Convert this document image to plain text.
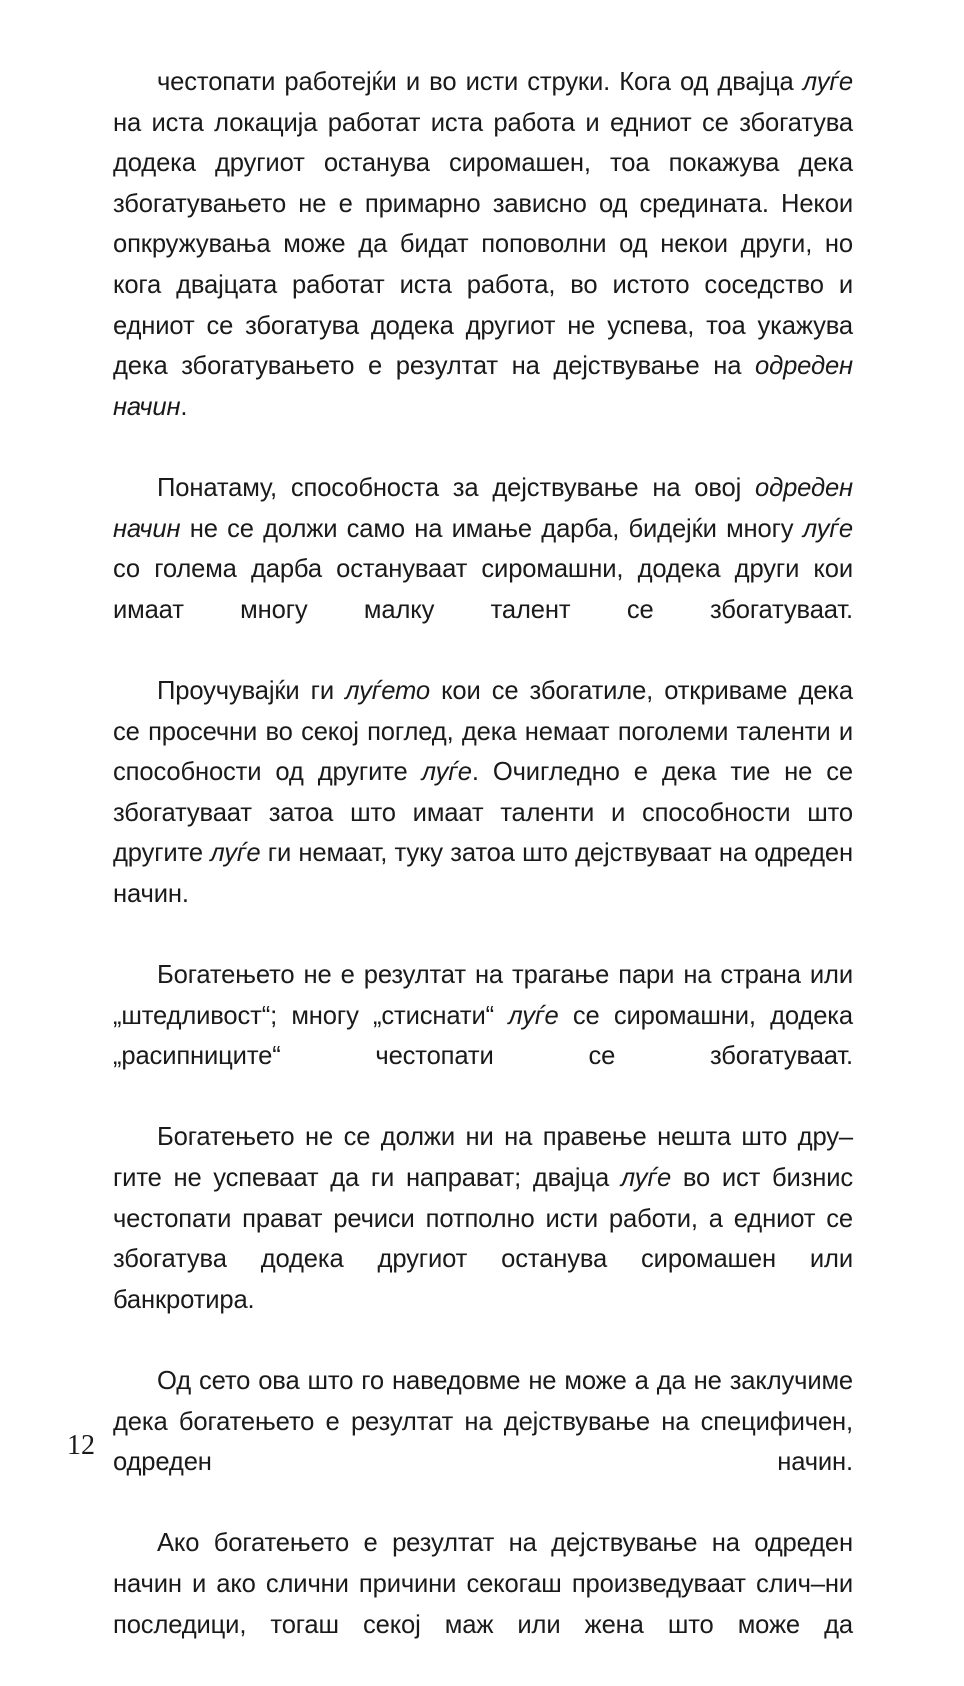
честопати работејќи и во исти струки. Кога од двајца луѓе на иста локација работат иста работа и едниот се збогатува додека другиот останува сиромашен, тоа покажува дека збогатувањето не е примарно зависно од срединатa. Некои опкружувања може да бидат поповолни од некои други, но кога двајцата работат иста работа, во истото соседство и едниот се збогатува додека другиот не успева, тоа укажува дека збогатувањето е резултат на дејствување на одреден начин.

Понатаму, способноста за дејствување на овој одреден начин не се должи само на имање дарба, бидејќи многу луѓе со голема дарба остануваат сиромашни, додека други кои имаат многу малку талент се збогатуваат.

Проучувајќи ги луѓето кои се збогатиле, откриваме дека се просечни во секој поглед, дека немаат поголеми таленти и способности од другите луѓе. Очигледно е дека тие не се збогатуваат затоа што имаат таленти и способности што другите луѓе ги немаат, туку затоа што дејствуваат на одреден начин.

Богатењето не е резултат на трагање пари на страна или „штедливост“; многу „стиснати“ луѓе се сиромашни, додека „расипниците“ честопати се збогатуваат.

Богатењето не се должи ни на правење нешта што дру–гите не успеваат да ги направат; двајца луѓе во ист бизнис честопати прават речиси потполно исти работи, а едниот се збогатува додека другиот останува сиромашен или банкротира.

Од сето ова што го наведовме не може а да не заклучиме дека богатењето е резултат на дејствување на специфичен, одреден начин.

Ако богатењето е резултат на дејствување на одреден начин и ако слични причини секогаш произведуваат слич–ни последици, тогаш секој маж или жена што може да

12
